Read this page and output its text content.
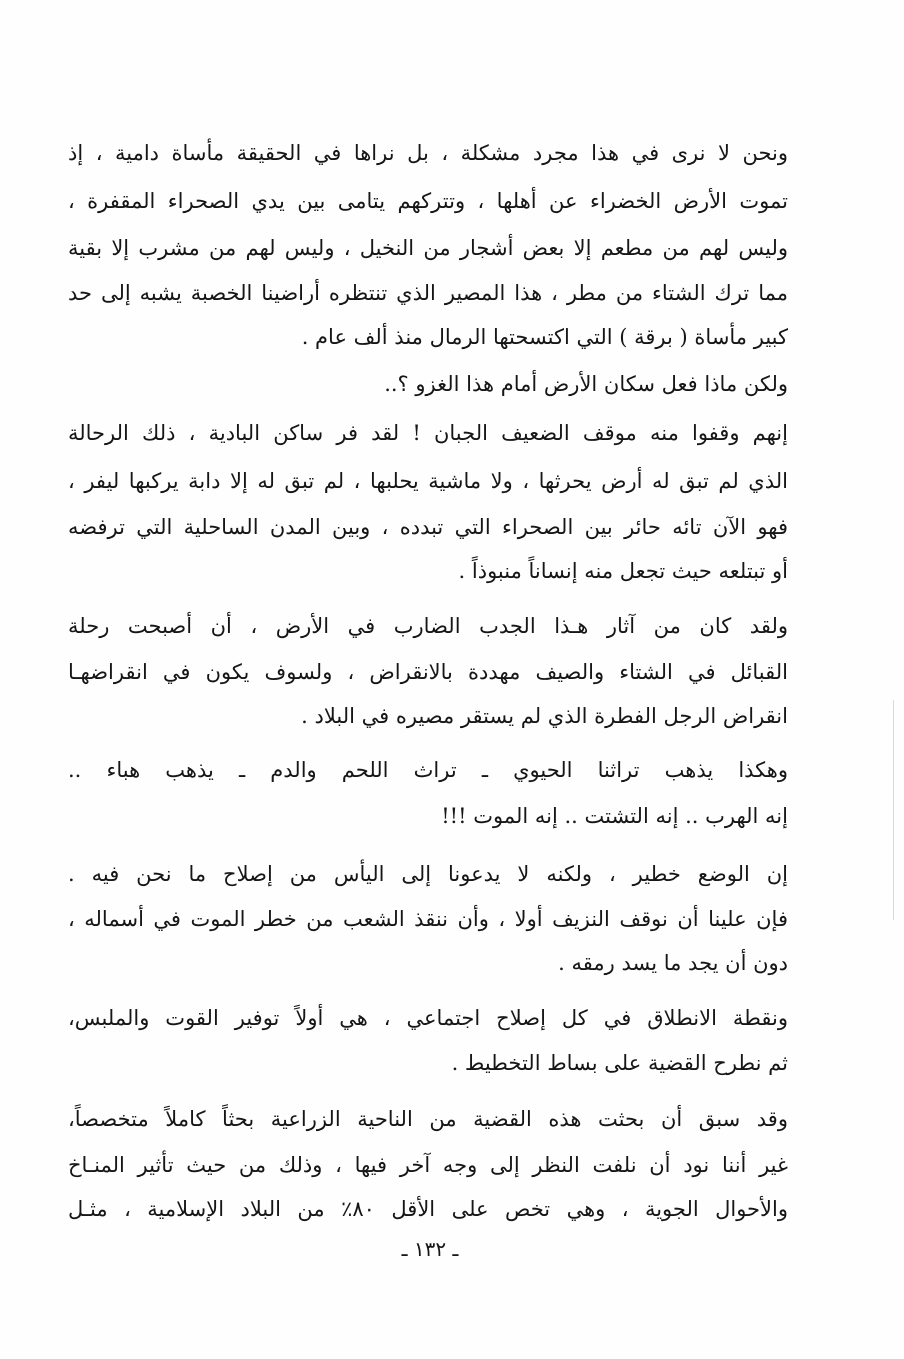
ونحن لا نرى في هذا مجرد مشكلة ، بل نراها في الحقيقة مأساة دامية ، إذ
تموت الأرض الخضراء عن أهلها ، وتتركهم يتامى بين يدي الصحراء المقفرة ،
وليس لهم من مطعم إلا بعض أشجار من النخيل ، وليس لهم من مشرب إلا بقية
مما ترك الشتاء من مطر ، هذا المصير الذي تنتظره أراضينا الخصبة يشبه إلى حد
كبير مأساة ( برقة ) التي اكتسحتها الرمال منذ ألف عام .
ولكن ماذا فعل سكان الأرض أمام هذا الغزو ؟..
إنهم وقفوا منه موقف الضعيف الجبان ! لقد فر ساكن البادية ، ذلك الرحالة
الذي لم تبق له أرض يحرثها ، ولا ماشية يحلبها ، لم تبق له إلا دابة يركبها ليفر ،
فهو الآن تائه حائر بين الصحراء التي تبدده ، وبين المدن الساحلية التي ترفضه
أو تبتلعه حيث تجعل منه إنساناً منبوذاً .
ولقد كان من آثار هـذا الجدب الضارب في الأرض ، أن أصبحت رحلة
القبائل في الشتاء والصيف مهددة بالانقراض ، ولسوف يكون في انقراضهـا
انقراض الرجل الفطرة الذي لم يستقر مصيره في البلاد .
وهكذا يذهب تراثنا الحيوي ـ تراث اللحم والدم ـ يذهب هباء ..
إنه الهرب .. إنه التشتت .. إنه الموت !!!
إن الوضع خطير ، ولكنه لا يدعونا إلى اليأس من إصلاح ما نحن فيه .
فإن علينا أن نوقف النزيف أولا ، وأن ننقذ الشعب من خطر الموت في أسماله ،
دون أن يجد ما يسد رمقه .
ونقطة الانطلاق في كل إصلاح اجتماعي ، هي أولاً توفير القوت والملبس،
ثم نطرح القضية على بساط التخطيط .
وقد سبق أن بحثت هذه القضية من الناحية الزراعية بحثاً كاملاً متخصصاً،
غير أننا نود أن نلفت النظر إلى وجه آخر فيها ، وذلك من حيث تأثير المنـاخ
والأحوال الجوية ، وهي تخص على الأقل ٨٠٪ من البلاد الإسلامية ، مثـل
ـ ١٣٢ ـ
